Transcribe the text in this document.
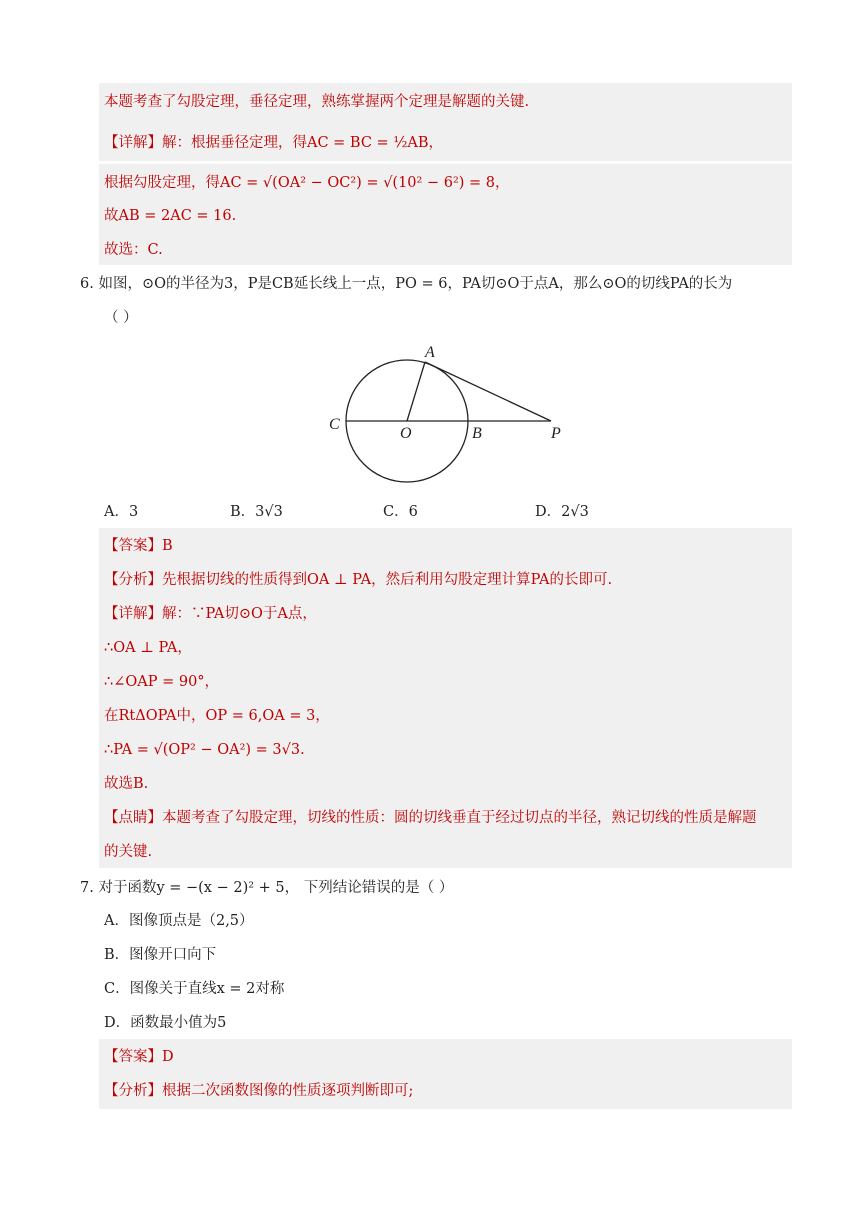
本题考查了勾股定理，垂径定理，熟练掌握两个定理是解题的关键.
【详解】解：根据垂径定理，得AC = BC = ½AB，
根据勾股定理，得AC = √(OA² − OC²) = √(10² − 6²) = 8，
故AB = 2AC = 16.
故选：C.
6. 如图，⊙O的半径为3，P是CB延长线上一点，PO = 6，PA切⊙O于点A，那么⊙O的切线PA的长为
（ ）
A
C
O	B	P
A．3	B．3√3	C．6	D．2√3
【答案】B
【分析】先根据切线的性质得到OA ⊥ PA，然后利用勾股定理计算PA的长即可.
【详解】解：∵PA切⊙O于A点，
∴OA ⊥ PA，
∴∠OAP = 90°，
在RtΔOPA中，OP = 6,OA = 3，
∴PA = √(OP² − OA²) = 3√3.
故选B.
【点睛】本题考查了勾股定理，切线的性质：圆的切线垂直于经过切点的半径，熟记切线的性质是解题
的关键.
7. 对于函数y = −(x − 2)² + 5， 下列结论错误的是（ ）
A．图像顶点是（2,5）
B．图像开口向下
C．图像关于直线x = 2对称
D．函数最小值为5
【答案】D
【分析】根据二次函数图像的性质逐项判断即可;
